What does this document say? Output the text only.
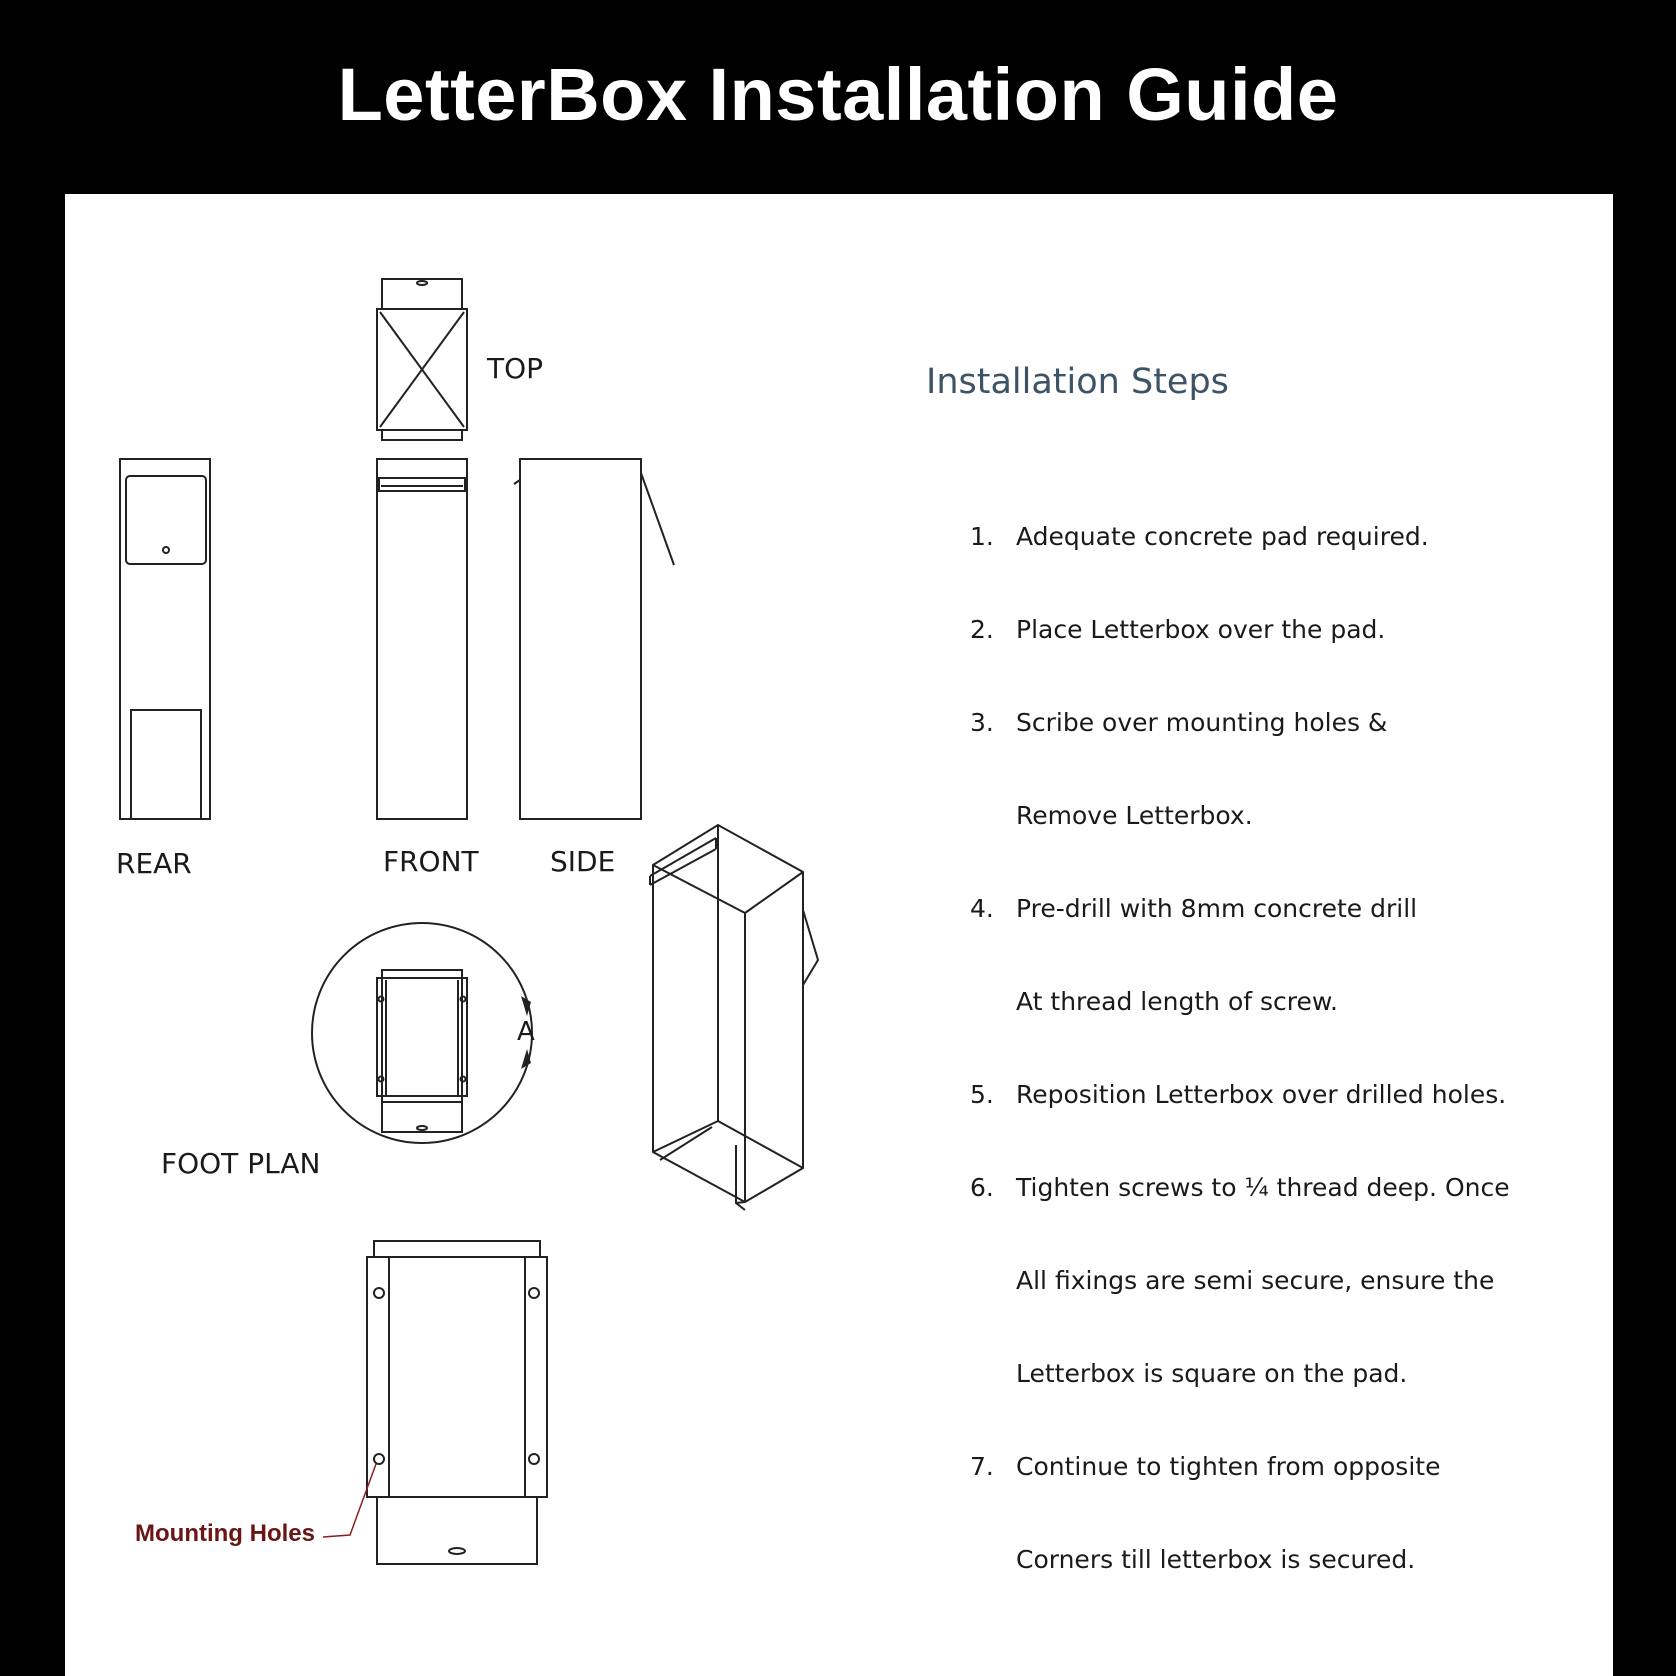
LetterBox Installation Guide
TOP
REAR	FRONT	SIDE
FOOT PLAN
A
Mounting Holes
Installation Steps
1. Adequate concrete pad required.
2. Place Letterbox over the pad.
3. Scribe over mounting holes &
Remove Letterbox.
4. Pre-drill with 8mm concrete drill
At thread length of screw.
5. Reposition Letterbox over drilled holes.
6. Tighten screws to ¼ thread deep. Once
All fixings are semi secure, ensure the
Letterbox is square on the pad.
7. Continue to tighten from opposite
Corners till letterbox is secured.
